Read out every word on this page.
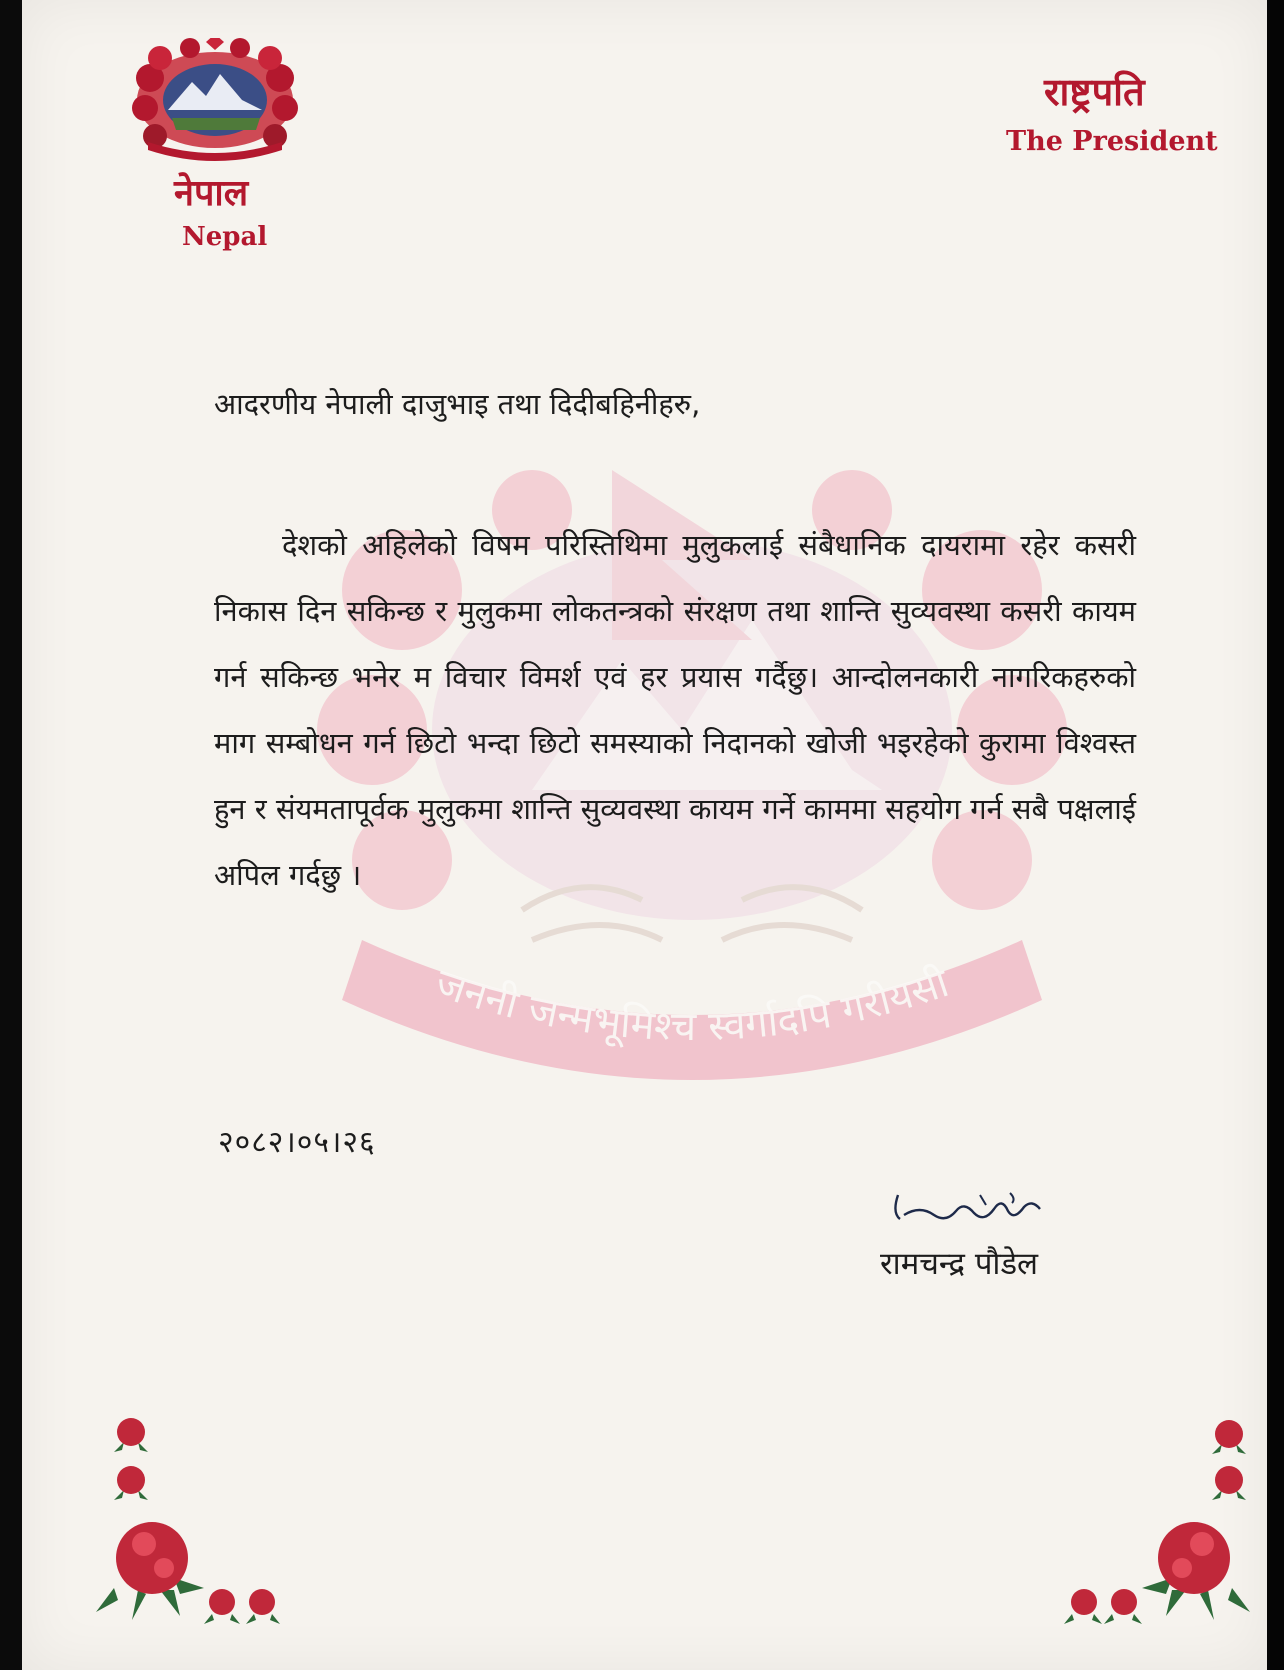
नेपाल

Nepal

राष्ट्रपति

The President

जननी जन्मभूमिश्च स्वर्गादपि गरीयसी

आदरणीय नेपाली दाजुभाइ तथा दिदीबहिनीहरु,

देशको अहिलेको विषम परिस्तिथिमा मुलुकलाई संबैधानिक दायरामा रहेर कसरी निकास दिन सकिन्छ र मुलुकमा लोकतन्त्रको संरक्षण तथा शान्ति सुव्यवस्था कसरी कायम गर्न सकिन्छ भनेर म विचार विमर्श एवं हर प्रयास गर्दैछु। आन्दोलनकारी नागरिकहरुको माग सम्बोधन गर्न छिटो भन्दा छिटो समस्याको निदानको खोजी भइरहेको कुरामा विश्वस्त हुन र संयमतापूर्वक मुलुकमा शान्ति सुव्यवस्था कायम गर्ने काममा सहयोग गर्न सबै पक्षलाई अपिल गर्दछु ।

२०८२।०५।२६

रामचन्द्र पौडेल
